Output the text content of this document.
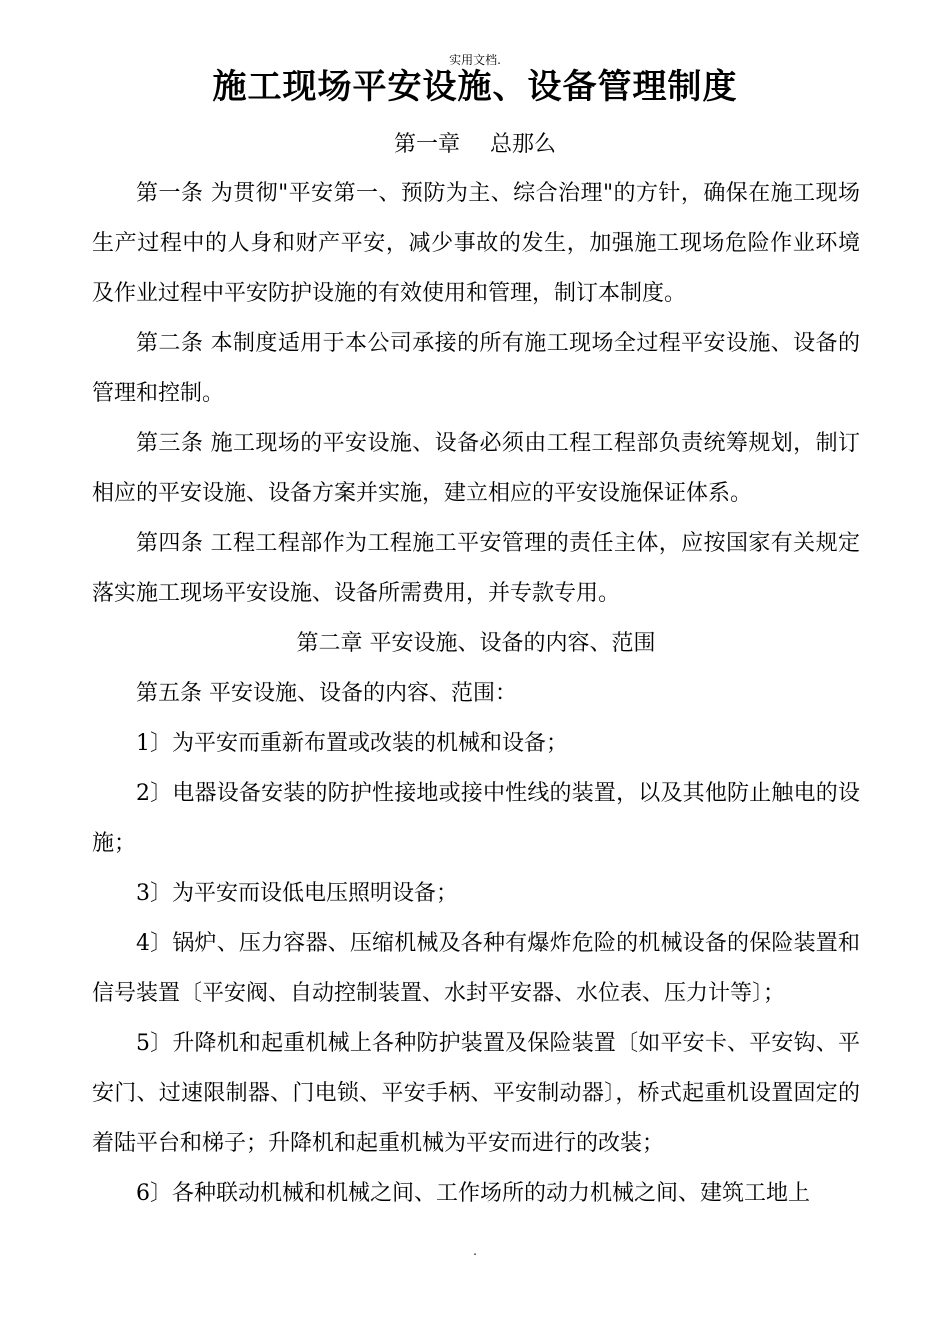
实用文档.
施工现场平安设施、设备管理制度
第一章 总那么

第一条 为贯彻"平安第一、预防为主、综合治理"的方针，确保在施工现场生产过程中的人身和财产平安，减少事故的发生，加强施工现场危险作业环境及作业过程中平安防护设施的有效使用和管理，制订本制度。

第二条 本制度适用于本公司承接的所有施工现场全过程平安设施、设备的管理和控制。

第三条 施工现场的平安设施、设备必须由工程工程部负责统筹规划，制订相应的平安设施、设备方案并实施，建立相应的平安设施保证体系。

第四条 工程工程部作为工程施工平安管理的责任主体，应按国家有关规定落实施工现场平安设施、设备所需费用，并专款专用。

第二章 平安设施、设备的内容、范围

第五条 平安设施、设备的内容、范围：

1〕为平安而重新布置或改装的机械和设备；

2〕电器设备安装的防护性接地或接中性线的装置，以及其他防止触电的设施；

3〕为平安而设低电压照明设备；

4〕锅炉、压力容器、压缩机械及各种有爆炸危险的机械设备的保险装置和信号装置〔平安阀、自动控制装置、水封平安器、水位表、压力计等〕；

5〕升降机和起重机械上各种防护装置及保险装置〔如平安卡、平安钩、平安门、过速限制器、门电锁、平安手柄、平安制动器〕，桥式起重机设置固定的着陆平台和梯子；升降机和起重机械为平安而进行的改装；

6〕各种联动机械和机械之间、工作场所的动力机械之间、建筑工地上

.
